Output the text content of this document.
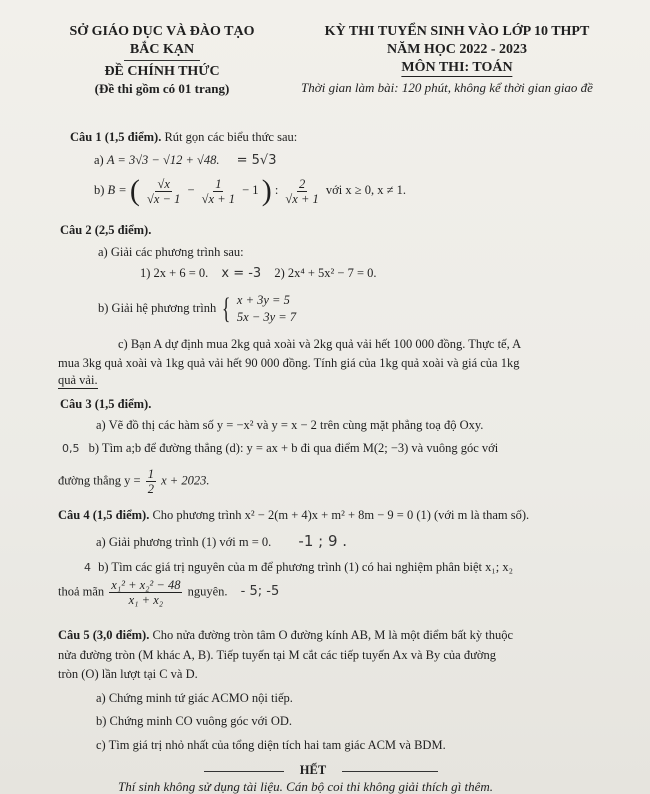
SỞ GIÁO DỤC VÀ ĐÀO TẠO
BẮC KẠN
ĐỀ CHÍNH THỨC
(Đề thi gồm có 01 trang)
KỲ THI TUYỂN SINH VÀO LỚP 10 THPT
NĂM HỌC 2022 - 2023
MÔN THI: TOÁN
Thời gian làm bài: 120 phút, không kể thời gian giao đề
Câu 1 (1,5 điểm). Rút gọn các biểu thức sau:
a) A = 3√3 − √12 + √48. = 5√3
b) B = ( $\frac{√x}{√x - 1} - \frac{1}{√x + 1} - 1$ ) : $\frac{2}{√x + 1}$ với x ≥ 0, x ≠ 1.
Câu 2 (2,5 điểm).
a) Giải các phương trình sau:
1) 2x + 6 = 0. x = -3 2) 2x⁴ + 5x² − 7 = 0.
b) Giải hệ phương trình { x + 3y = 5
5x − 3y = 7
c) Bạn A dự định mua 2kg quả xoài và 2kg quả vải hết 100 000 đồng. Thực tế, A
mua 3kg quả xoài và 1kg quả vải hết 90 000 đồng. Tính giá của 1kg quả xoài và giá của 1kg
quả vải.
Câu 3 (1,5 điểm).
a) Vẽ đồ thị các hàm số y = −x² và y = x − 2 trên cùng mặt phẳng toạ độ Oxy.
0,5 b) Tìm a;b để đường thẳng (d): y = ax + b đi qua điểm M(2; −3) và vuông góc với
đường thẳng $y = \frac{1}{2}$ x + 2023.
Câu 4 (1,5 điểm). Cho phương trình x² − 2(m + 4)x + m² + 8m − 9 = 0 (1) (với m là tham số).
a) Giải phương trình (1) với m = 0. -1 ; 9 .
4 b) Tìm các giá trị nguyên của m để phương trình (1) có hai nghiệm phân biệt x₁; x₂
thoả mãn $\frac{\text{x₁² + x₂² − 48}}{\text{x₁ + x₂}}$ nguyên. - 5; -5
Câu 5 (3,0 điểm). Cho nửa đường tròn tâm O đường kính AB, M là một điểm bất kỳ thuộc
nửa đường tròn (M khác A, B). Tiếp tuyến tại M cắt các tiếp tuyến Ax và By của đường
tròn (O) lần lượt tại C và D.
a) Chứng minh tứ giác ACMO nội tiếp.
b) Chứng minh CO vuông góc với OD.
c) Tìm giá trị nhỏ nhất của tổng diện tích hai tam giác ACM và BDM.
HẾT
Thí sinh không sử dụng tài liệu. Cán bộ coi thi không giải thích gì thêm.
